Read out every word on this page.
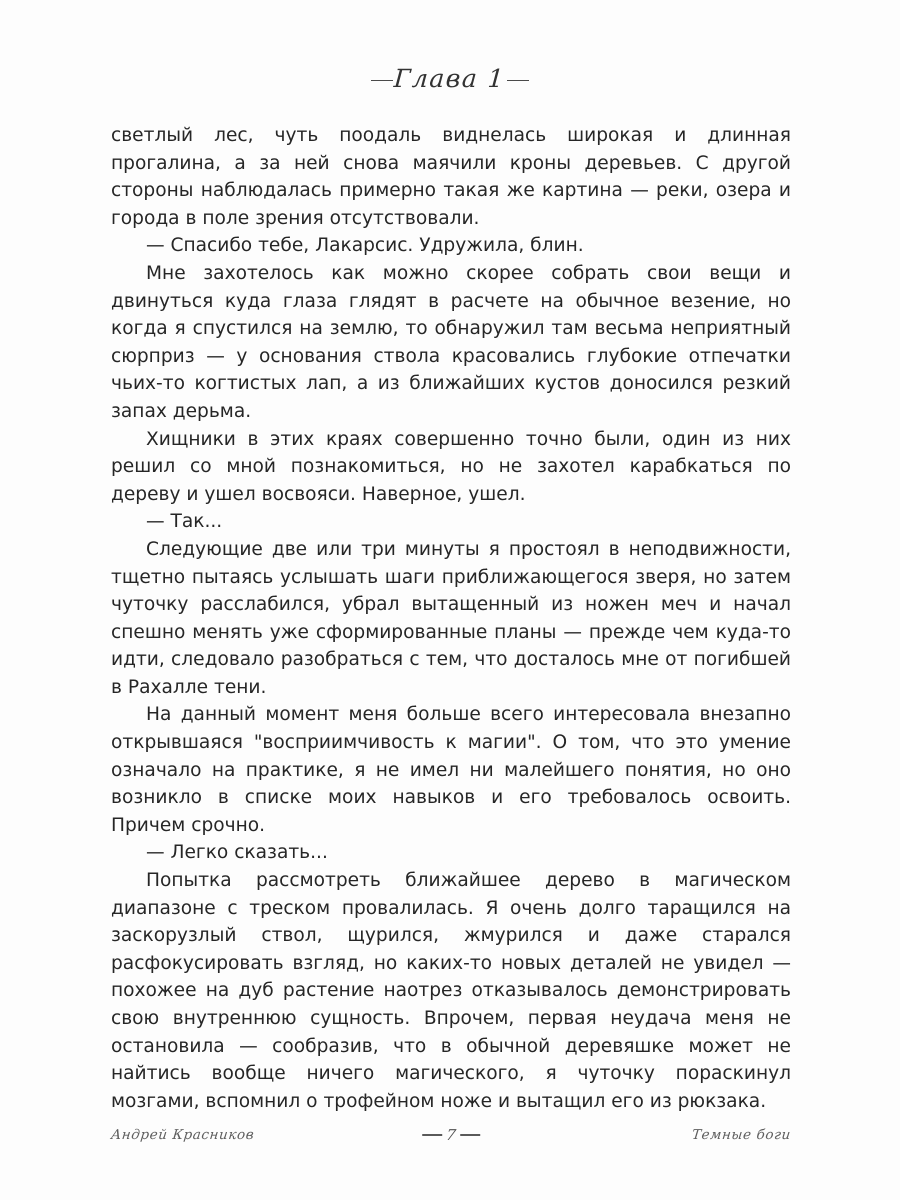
Глава 1

светлый лес, чуть поодаль виднелась широкая и длинная прогалина, а за ней снова маячили кроны деревьев. С другой стороны наблюдалась примерно такая же картина — реки, озера и города в поле зрения отсутствовали.

— Спасибо тебе, Лакарсис. Удружила, блин.

Мне захотелось как можно скорее собрать свои вещи и двинуться куда глаза глядят в расчете на обычное везение, но когда я спустился на землю, то обнаружил там весьма неприятный сюрприз — у основания ствола красовались глубокие отпечатки чьих-то когтистых лап, а из ближайших кустов доносился резкий запах дерьма.

Хищники в этих краях совершенно точно были, один из них решил со мной познакомиться, но не захотел карабкаться по дереву и ушел восвояси. Наверное, ушел.

— Так...

Следующие две или три минуты я простоял в неподвижности, тщетно пытаясь услышать шаги приближающегося зверя, но затем чуточку расслабился, убрал вытащенный из ножен меч и начал спешно менять уже сформированные планы — прежде чем куда-то идти, следовало разобраться с тем, что досталось мне от погибшей в Рахалле тени.

На данный момент меня больше всего интересовала внезапно открывшаяся "восприимчивость к магии". О том, что это умение означало на практике, я не имел ни малейшего понятия, но оно возникло в списке моих навыков и его требовалось освоить. Причем срочно.

— Легко сказать...

Попытка рассмотреть ближайшее дерево в магическом диапазоне с треском провалилась. Я очень долго таращился на заскорузлый ствол, щурился, жмурился и даже старался расфокусировать взгляд, но каких-то новых деталей не увидел — похожее на дуб растение наотрез отказывалось демонстрировать свою внутреннюю сущность. Впрочем, первая неудача меня не остановила — сообразив, что в обычной деревяшке может не найтись вообще ничего магического, я чуточку пораскинул мозгами, вспомнил о трофейном ноже и вытащил его из рюкзака.

Андрей Красников	7	Темные боги
